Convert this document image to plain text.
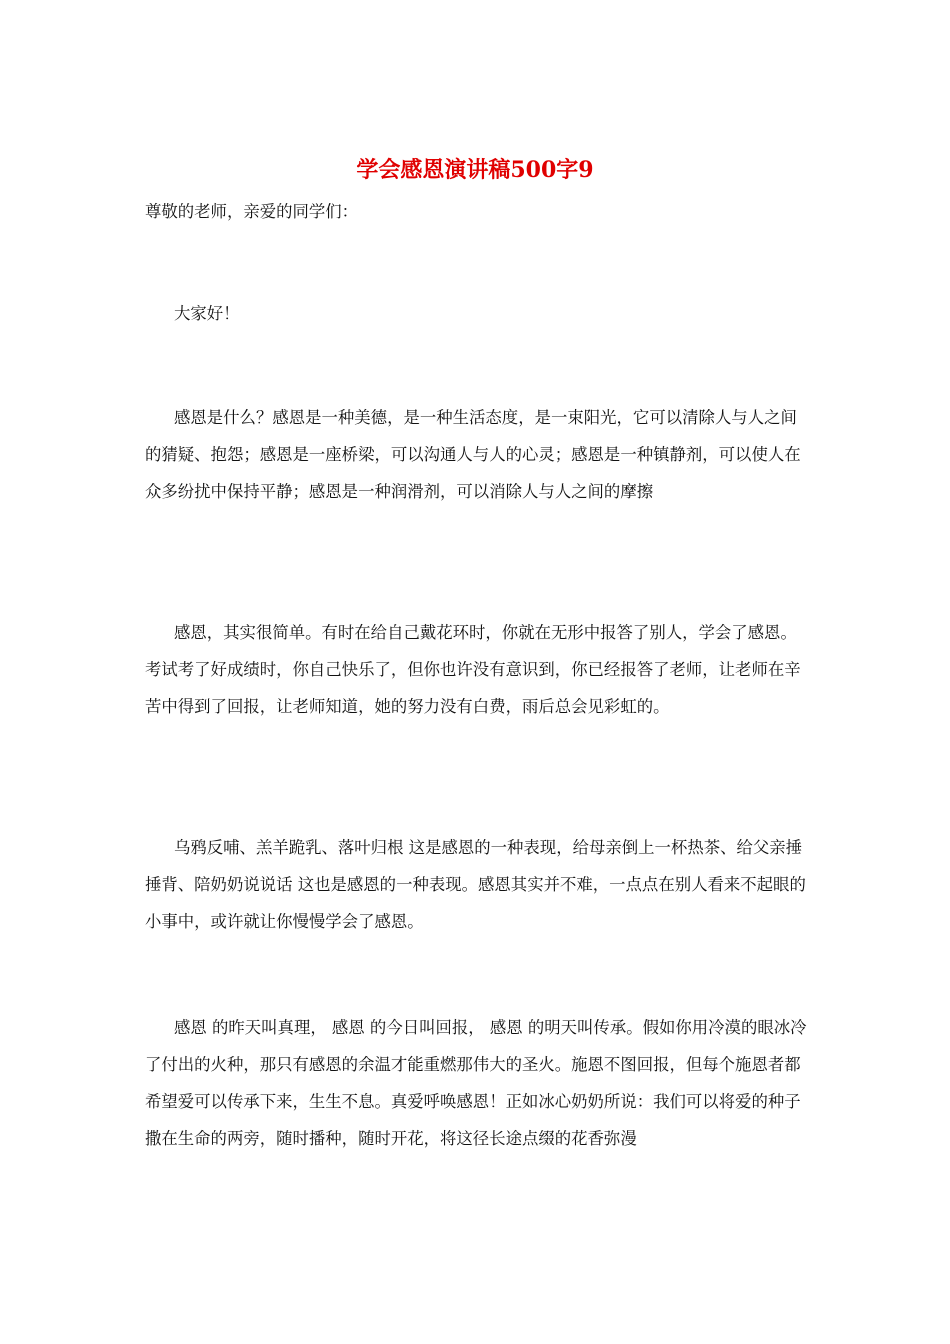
学会感恩演讲稿500字9

尊敬的老师，亲爱的同学们：

大家好！

感恩是什么？感恩是一种美德，是一种生活态度，是一束阳光，它可以清除人与人之间的猜疑、抱怨；感恩是一座桥梁，可以沟通人与人的心灵；感恩是一种镇静剂，可以使人在众多纷扰中保持平静；感恩是一种润滑剂，可以消除人与人之间的摩擦

感恩，其实很简单。有时在给自己戴花环时，你就在无形中报答了别人，学会了感恩。考试考了好成绩时，你自己快乐了，但你也许没有意识到，你已经报答了老师，让老师在辛苦中得到了回报，让老师知道，她的努力没有白费，雨后总会见彩虹的。

乌鸦反哺、羔羊跪乳、落叶归根 这是感恩的一种表现，给母亲倒上一杯热茶、给父亲捶捶背、陪奶奶说说话 这也是感恩的一种表现。感恩其实并不难，一点点在别人看来不起眼的小事中，或许就让你慢慢学会了感恩。

感恩 的昨天叫真理， 感恩 的今日叫回报， 感恩 的明天叫传承。假如你用冷漠的眼冰冷了付出的火种，那只有感恩的余温才能重燃那伟大的圣火。施恩不图回报，但每个施恩者都希望爱可以传承下来，生生不息。真爱呼唤感恩！正如冰心奶奶所说：我们可以将爱的种子撒在生命的两旁，随时播种，随时开花，将这径长途点缀的花香弥漫
